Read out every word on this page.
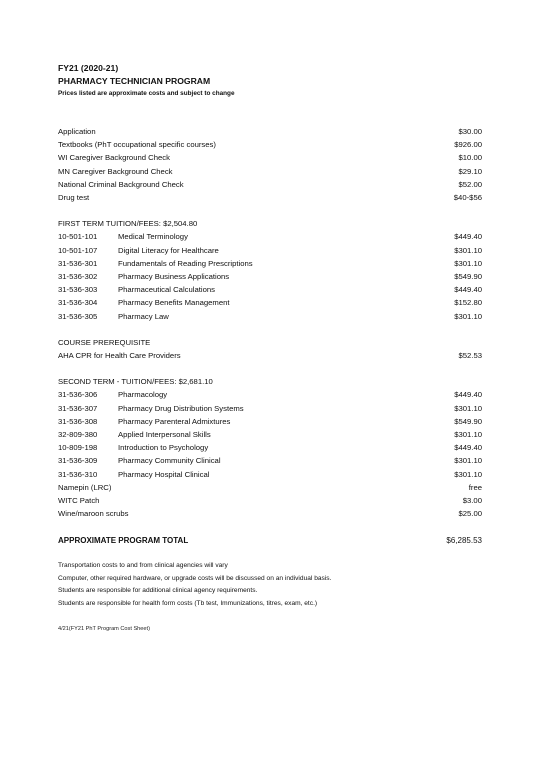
FY21 (2020-21)
PHARMACY TECHNICIAN PROGRAM
Prices listed are approximate costs and subject to change
Application	$30.00
Textbooks (PhT occupational specific courses)	$926.00
WI Caregiver Background Check	$10.00
MN Caregiver Background Check	$29.10
National Criminal Background Check	$52.00
Drug test	$40-$56
FIRST TERM TUITION/FEES: $2,504.80
10-501-101	Medical Terminology	$449.40
10-501-107	Digital Literacy for Healthcare	$301.10
31-536-301	Fundamentals of Reading Prescriptions	$301.10
31-536-302	Pharmacy Business Applications	$549.90
31-536-303	Pharmaceutical Calculations	$449.40
31-536-304	Pharmacy Benefits Management	$152.80
31-536-305	Pharmacy Law	$301.10
COURSE PREREQUISITE
AHA CPR for Health Care Providers	$52.53
SECOND TERM - TUITION/FEES: $2,681.10
31-536-306	Pharmacology	$449.40
31-536-307	Pharmacy Drug Distribution Systems	$301.10
31-536-308	Pharmacy Parenteral Admixtures	$549.90
32-809-380	Applied Interpersonal Skills	$301.10
10-809-198	Introduction to Psychology	$449.40
31-536-309	Pharmacy Community Clinical	$301.10
31-536-310	Pharmacy Hospital Clinical	$301.10
Namepin (LRC)	free
WITC Patch	$3.00
Wine/maroon scrubs	$25.00
APPROXIMATE PROGRAM TOTAL	$6,285.53
Transportation costs to and from clinical agencies will vary
Computer, other required hardware, or upgrade costs will be discussed on an individual basis.
Students are responsible for additional clinical agency requirements.
Students are responsible for health form costs (Tb test, Immunizations, titres, exam, etc.)
4/21(FY21 PhT Program Cost Sheet)
